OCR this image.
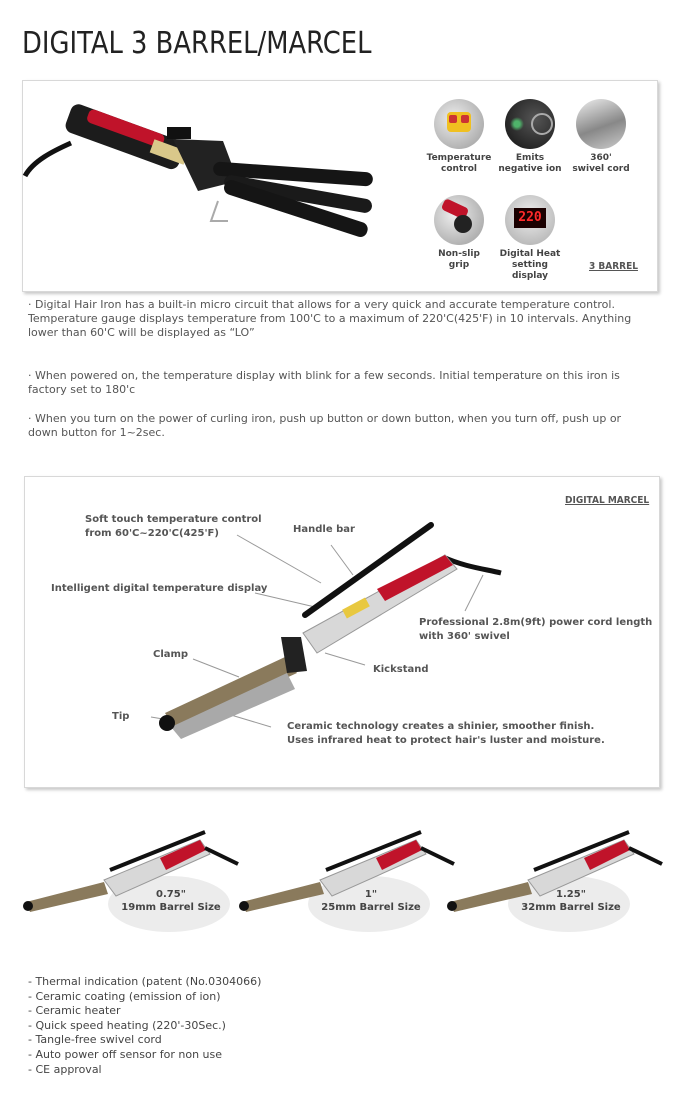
DIGITAL 3 BARREL/MARCEL
Temperature
control
Emits
negative ion
360'
swivel cord
Non-slip
grip
220
Digital Heat
setting display
3 BARREL

· Digital Hair Iron has a built-in micro circuit that allows for a very quick and accurate temperature control. Temperature gauge displays temperature from 100'C to a maximum of 220'C(425'F) in 10 intervals. Anything lower than 60'C will be displayed as “LO”

· When powered on, the temperature display with blink for a few seconds. Initial temperature on this iron is factory set to 180'c

· When you turn on the power of curling iron, push up button or down button, when you turn off, push up or down button for 1~2sec.

DIGITAL MARCEL
Soft touch temperature control
from 60'C~220'C(425'F)	Handle bar
Intelligent digital temperature display
Professional 2.8m(9ft) power cord length
with 360' swivel
Clamp
Kickstand
Tip
Ceramic technology creates a shinier, smoother finish.
Uses infrared heat to protect hair's luster and moisture.
0.75"
19mm Barrel Size
1"
25mm Barrel Size
1.25"
32mm Barrel Size
- Thermal indication (patent (No.0304066)
- Ceramic coating (emission of ion)
- Ceramic heater
- Quick speed heating (220'-30Sec.)
- Tangle-free swivel cord
- Auto power off sensor for non use
- CE approval
